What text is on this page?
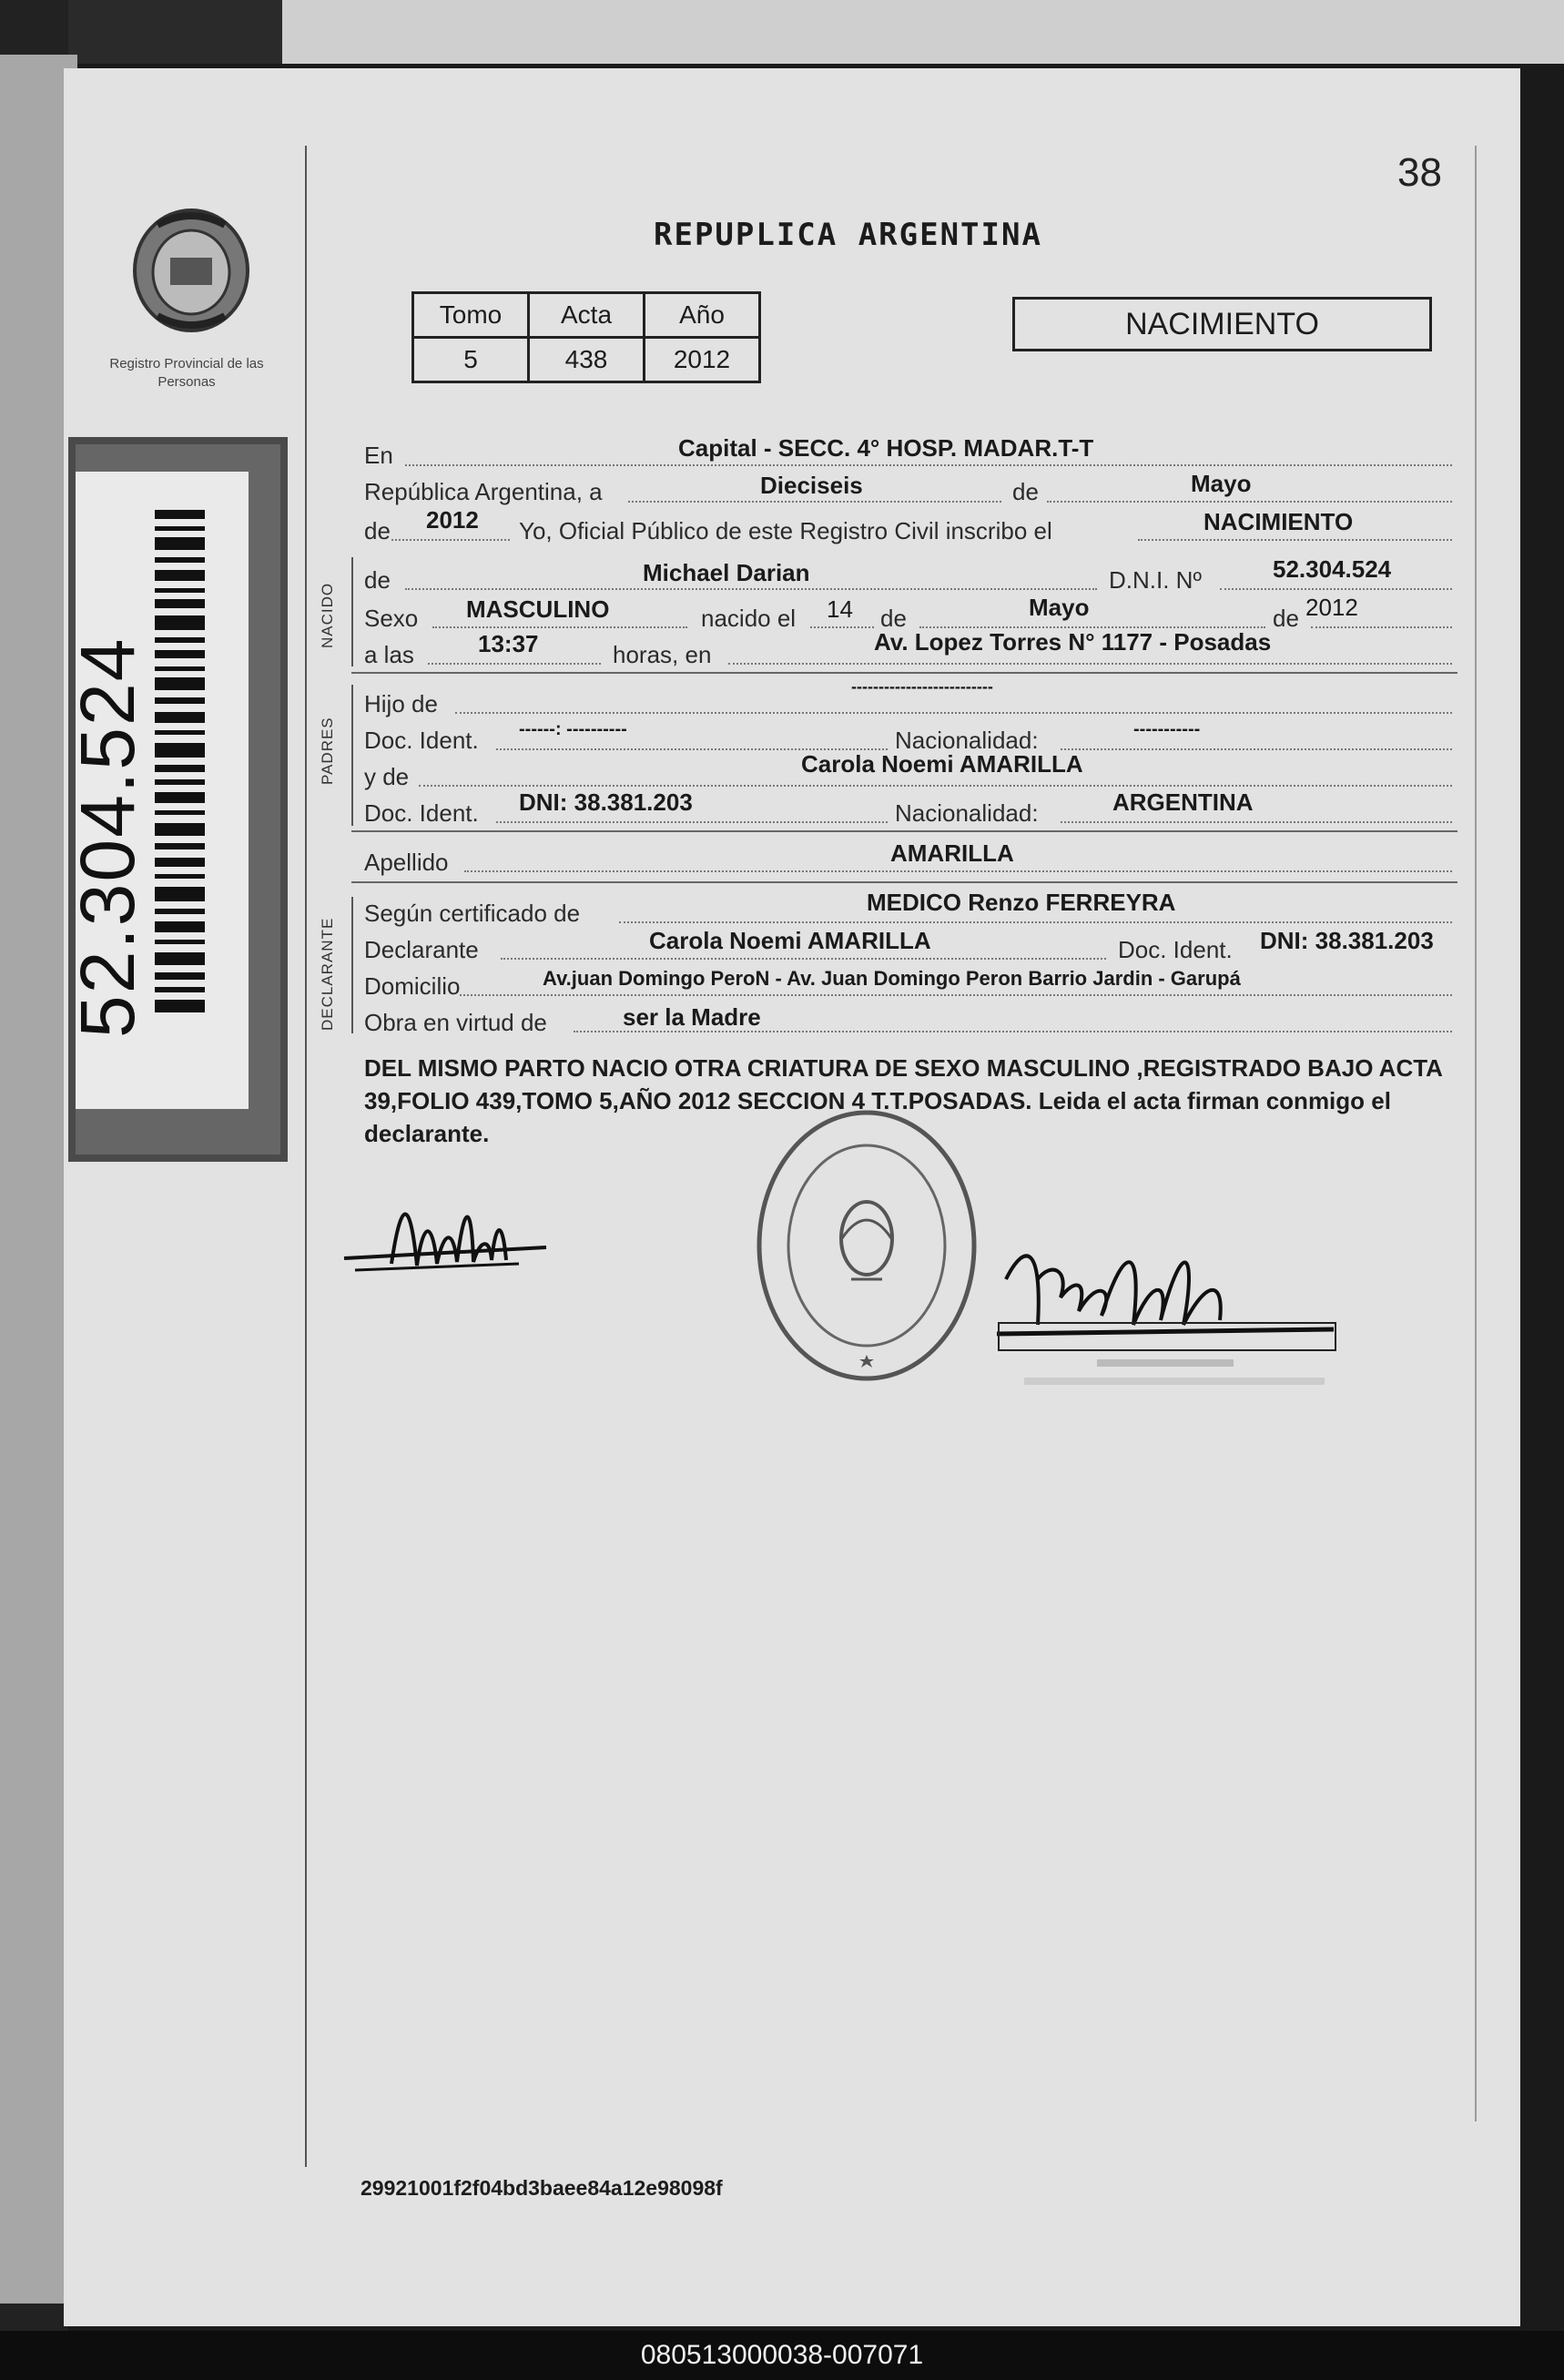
Registro Provincial de las Personas
52.304.524
38
REPUPLICA ARGENTINA
Tomo	Acta	Año
5	438	2012
NACIMIENTO
NACIDO
PADRES
DECLARANTE
En	Capital - SECC. 4° HOSP. MADAR.T-T
República Argentina, a	Dieciseis	de	Mayo
de 2012 Yo, Oficial Público de este Registro Civil inscribo el	NACIMIENTO
de	Michael Darian	D.N.I. Nº	52.304.524
Sexo MASCULINO	nacido el 14 de	Mayo	de 2012
a las	13:37	horas, en	Av. Lopez Torres N° 1177 - Posadas
Hijo de
--------------------------
Doc. Ident. ------: ----------	Nacionalidad:	-----------
y de	Carola Noemi AMARILLA
Doc. Ident. DNI: 38.381.203	Nacionalidad:	ARGENTINA
Apellido	AMARILLA
Según certificado de	MEDICO Renzo FERREYRA
Declarante	Carola Noemi AMARILLA	Doc. Ident. DNI: 38.381.203
Domicilio	Av.juan Domingo PeroN - Av. Juan Domingo Peron Barrio Jardin - Garupá
Obra en virtud de	ser la Madre
DEL MISMO PARTO NACIO OTRA CRIATURA DE SEXO MASCULINO ,REGISTRADO BAJO ACTA 39,FOLIO 439,TOMO 5,AÑO 2012 SECCION 4 T.T.POSADAS. Leida el acta firman conmigo el declarante.
29921001f2f04bd3baee84a12e98098f
080513000038-007071
